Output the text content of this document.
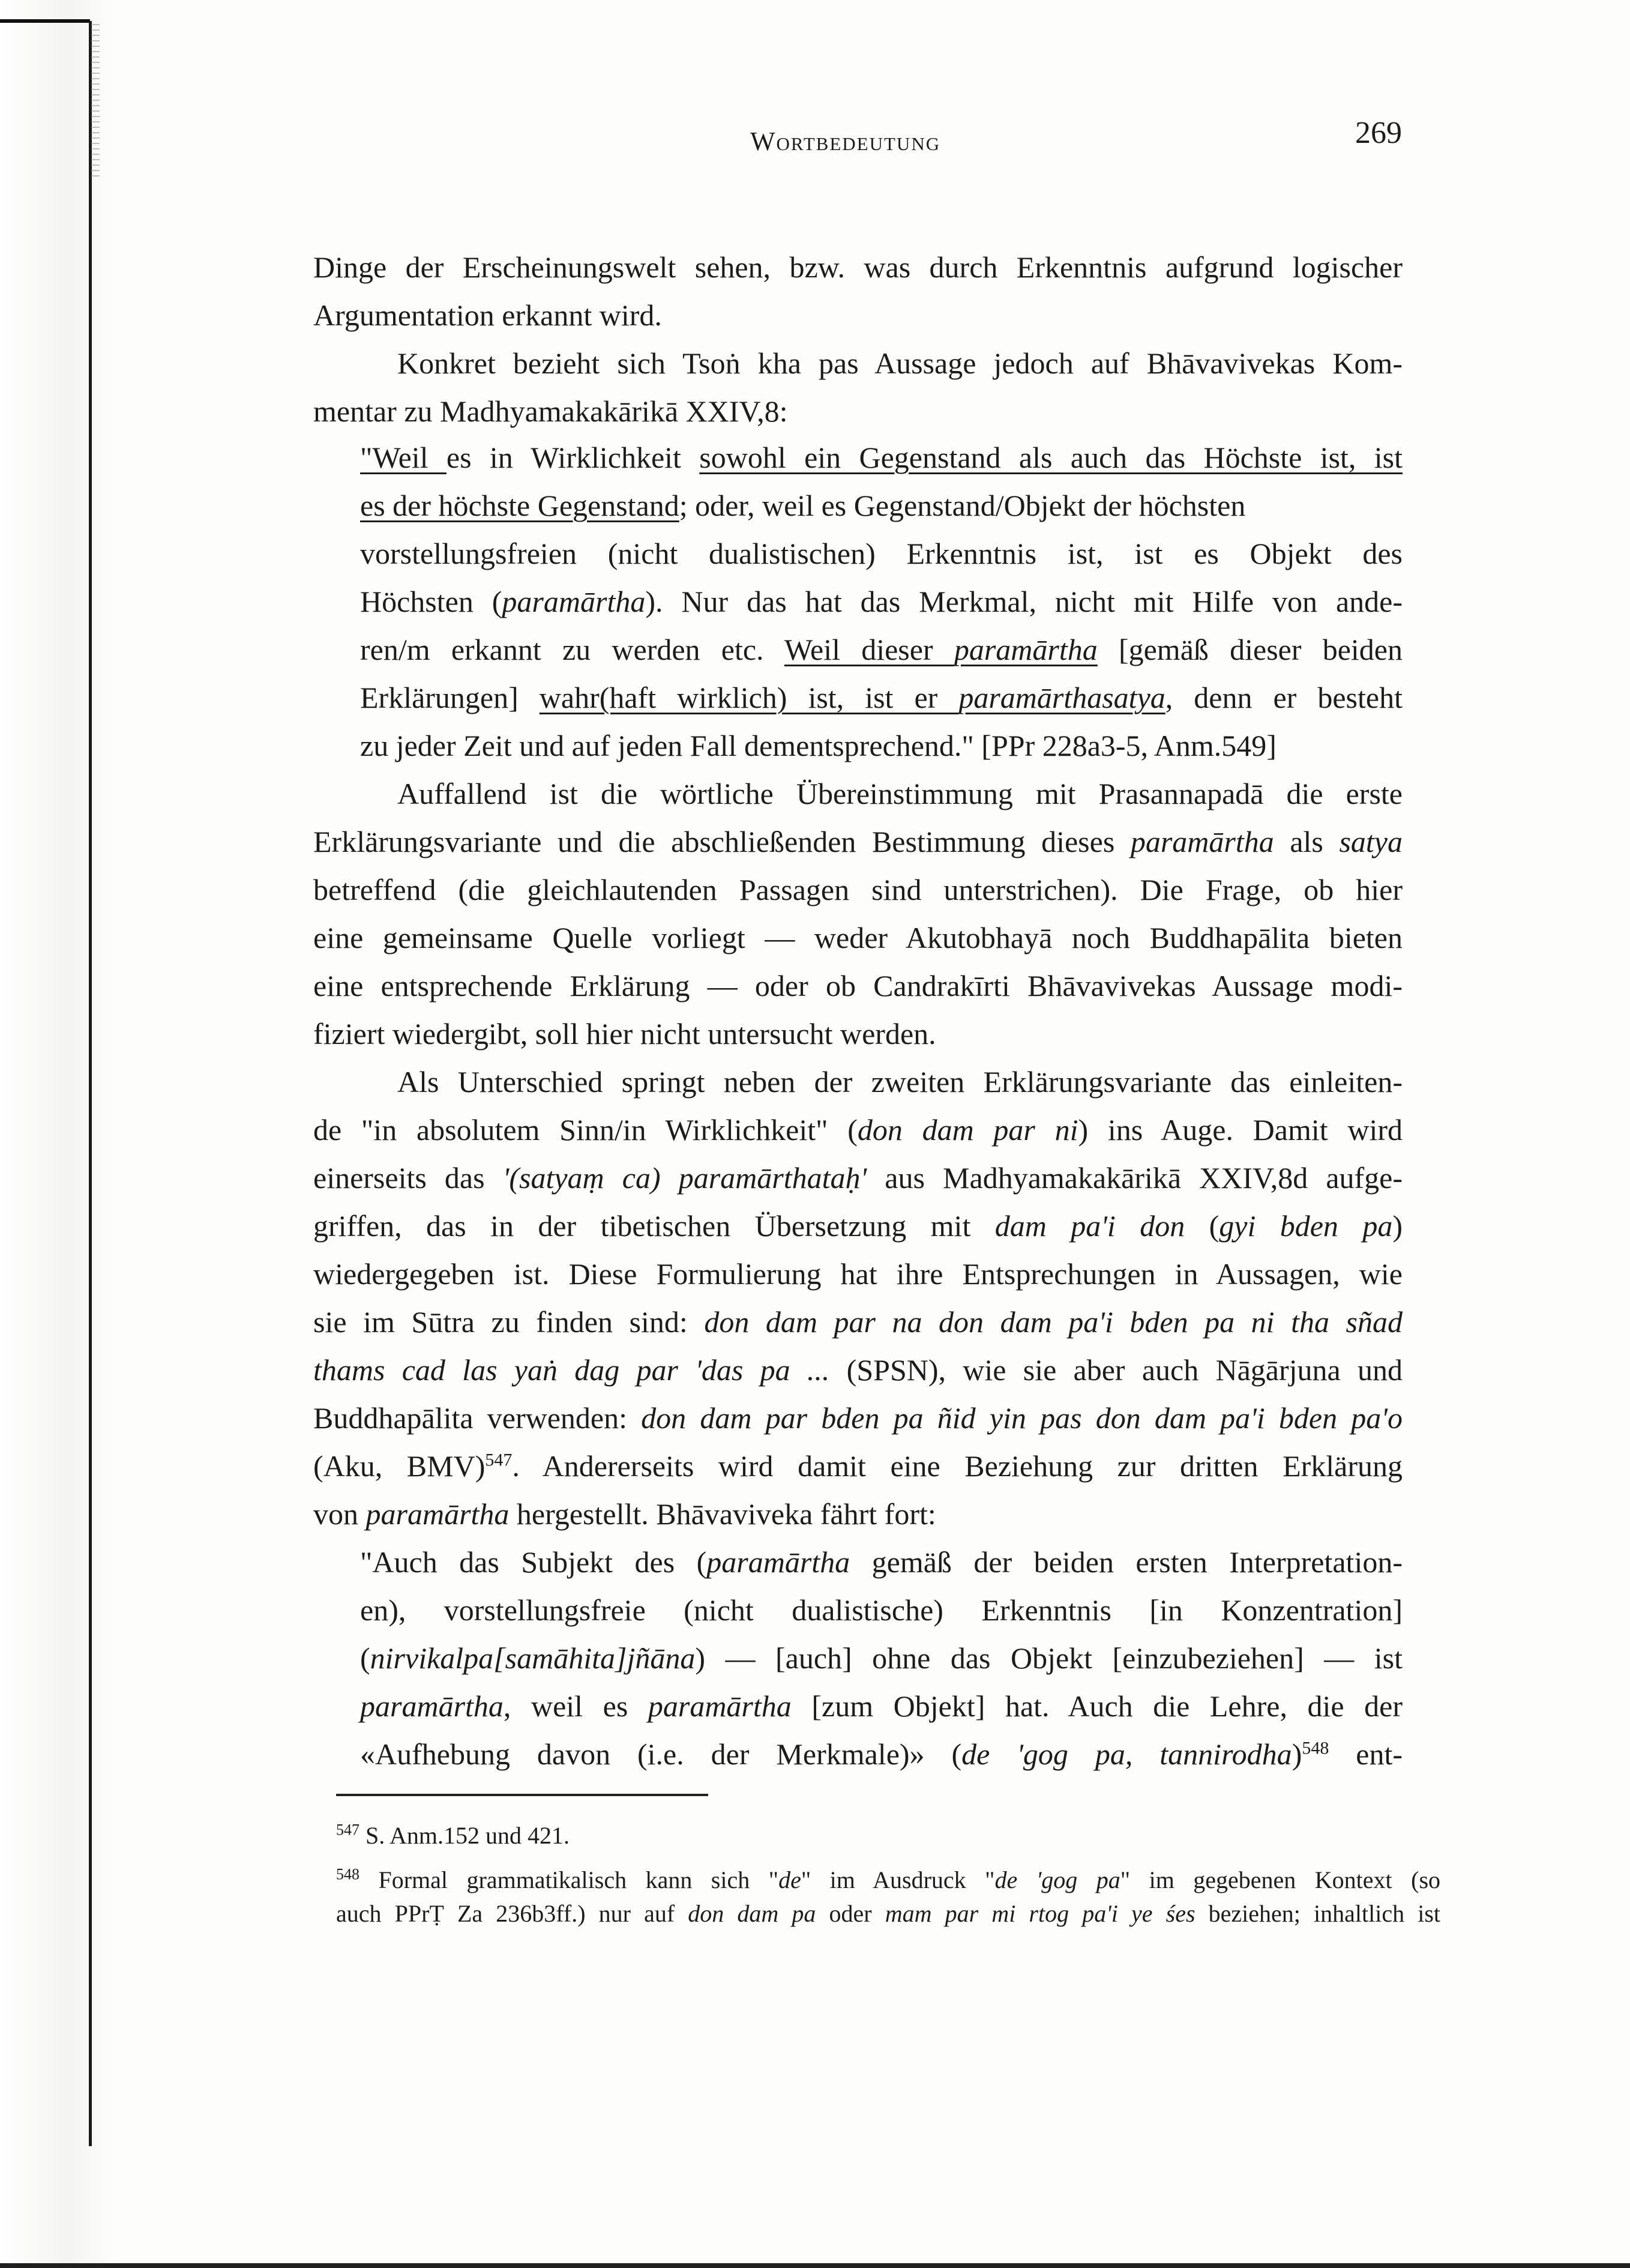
Wortbedeutung	269
Dinge der Erscheinungswelt sehen, bzw. was durch Erkenntnis aufgrund logischer
Argumentation erkannt wird.
Konkret bezieht sich Tsoṅ kha pas Aussage jedoch auf Bhāvavivekas Kom-
mentar zu Madhyamakakārikā XXIV,8:
"Weil es in Wirklichkeit sowohl ein Gegenstand als auch das Höchste ist, ist
es der höchste Gegenstand; oder, weil es Gegenstand/Objekt der höchsten
vorstellungsfreien (nicht dualistischen) Erkenntnis ist, ist es Objekt des
Höchsten (paramārtha). Nur das hat das Merkmal, nicht mit Hilfe von ande-
ren/m erkannt zu werden etc. Weil dieser paramārtha [gemäß dieser beiden
Erklärungen] wahr(haft wirklich) ist, ist er paramārthasatya, denn er besteht
zu jeder Zeit und auf jeden Fall dementsprechend." [PPr 228a3-5, Anm.549]
Auffallend ist die wörtliche Übereinstimmung mit Prasannapadā die erste
Erklärungsvariante und die abschließenden Bestimmung dieses paramārtha als satya
betreffend (die gleichlautenden Passagen sind unterstrichen). Die Frage, ob hier
eine gemeinsame Quelle vorliegt — weder Akutobhayā noch Buddhapālita bieten
eine entsprechende Erklärung — oder ob Candrakīrti Bhāvavivekas Aussage modi-
fiziert wiedergibt, soll hier nicht untersucht werden.
Als Unterschied springt neben der zweiten Erklärungsvariante das einleiten-
de "in absolutem Sinn/in Wirklichkeit" (don dam par ni) ins Auge. Damit wird
einerseits das '(satyaṃ ca) paramārthataḥ' aus Madhyamakakārikā XXIV,8d aufge-
griffen, das in der tibetischen Übersetzung mit dam pa'i don (gyi bden pa)
wiedergegeben ist. Diese Formulierung hat ihre Entsprechungen in Aussagen, wie
sie im Sūtra zu finden sind: don dam par na don dam pa'i bden pa ni tha sñad
thams cad las yaṅ dag par 'das pa ... (SPSN), wie sie aber auch Nāgārjuna und
Buddhapālita verwenden: don dam par bden pa ñid yin pas don dam pa'i bden pa'o
(Aku, BMV)$^{547}$. Andererseits wird damit eine Beziehung zur dritten Erklärung
von paramārtha hergestellt. Bhāvaviveka fährt fort:
"Auch das Subjekt des (paramārtha gemäß der beiden ersten Interpretation-
en), vorstellungsfreie (nicht dualistische) Erkenntnis [in Konzentration]
(nirvikalpa[samāhita]jñāna) — [auch] ohne das Objekt [einzubeziehen] — ist
paramārtha, weil es paramārtha [zum Objekt] hat. Auch die Lehre, die der
«Aufhebung davon (i.e. der Merkmale)» (de 'gog pa, tannirodha)$^{548}$ ent-
$^{547}$ S. Anm.152 und 421.
$^{548}$ Formal grammatikalisch kann sich "de" im Ausdruck "de 'gog pa" im gegebenen Kontext (so
auch PPrṬ Za 236b3ff.) nur auf don dam pa oder mam par mi rtog pa'i ye śes beziehen; inhaltlich ist
